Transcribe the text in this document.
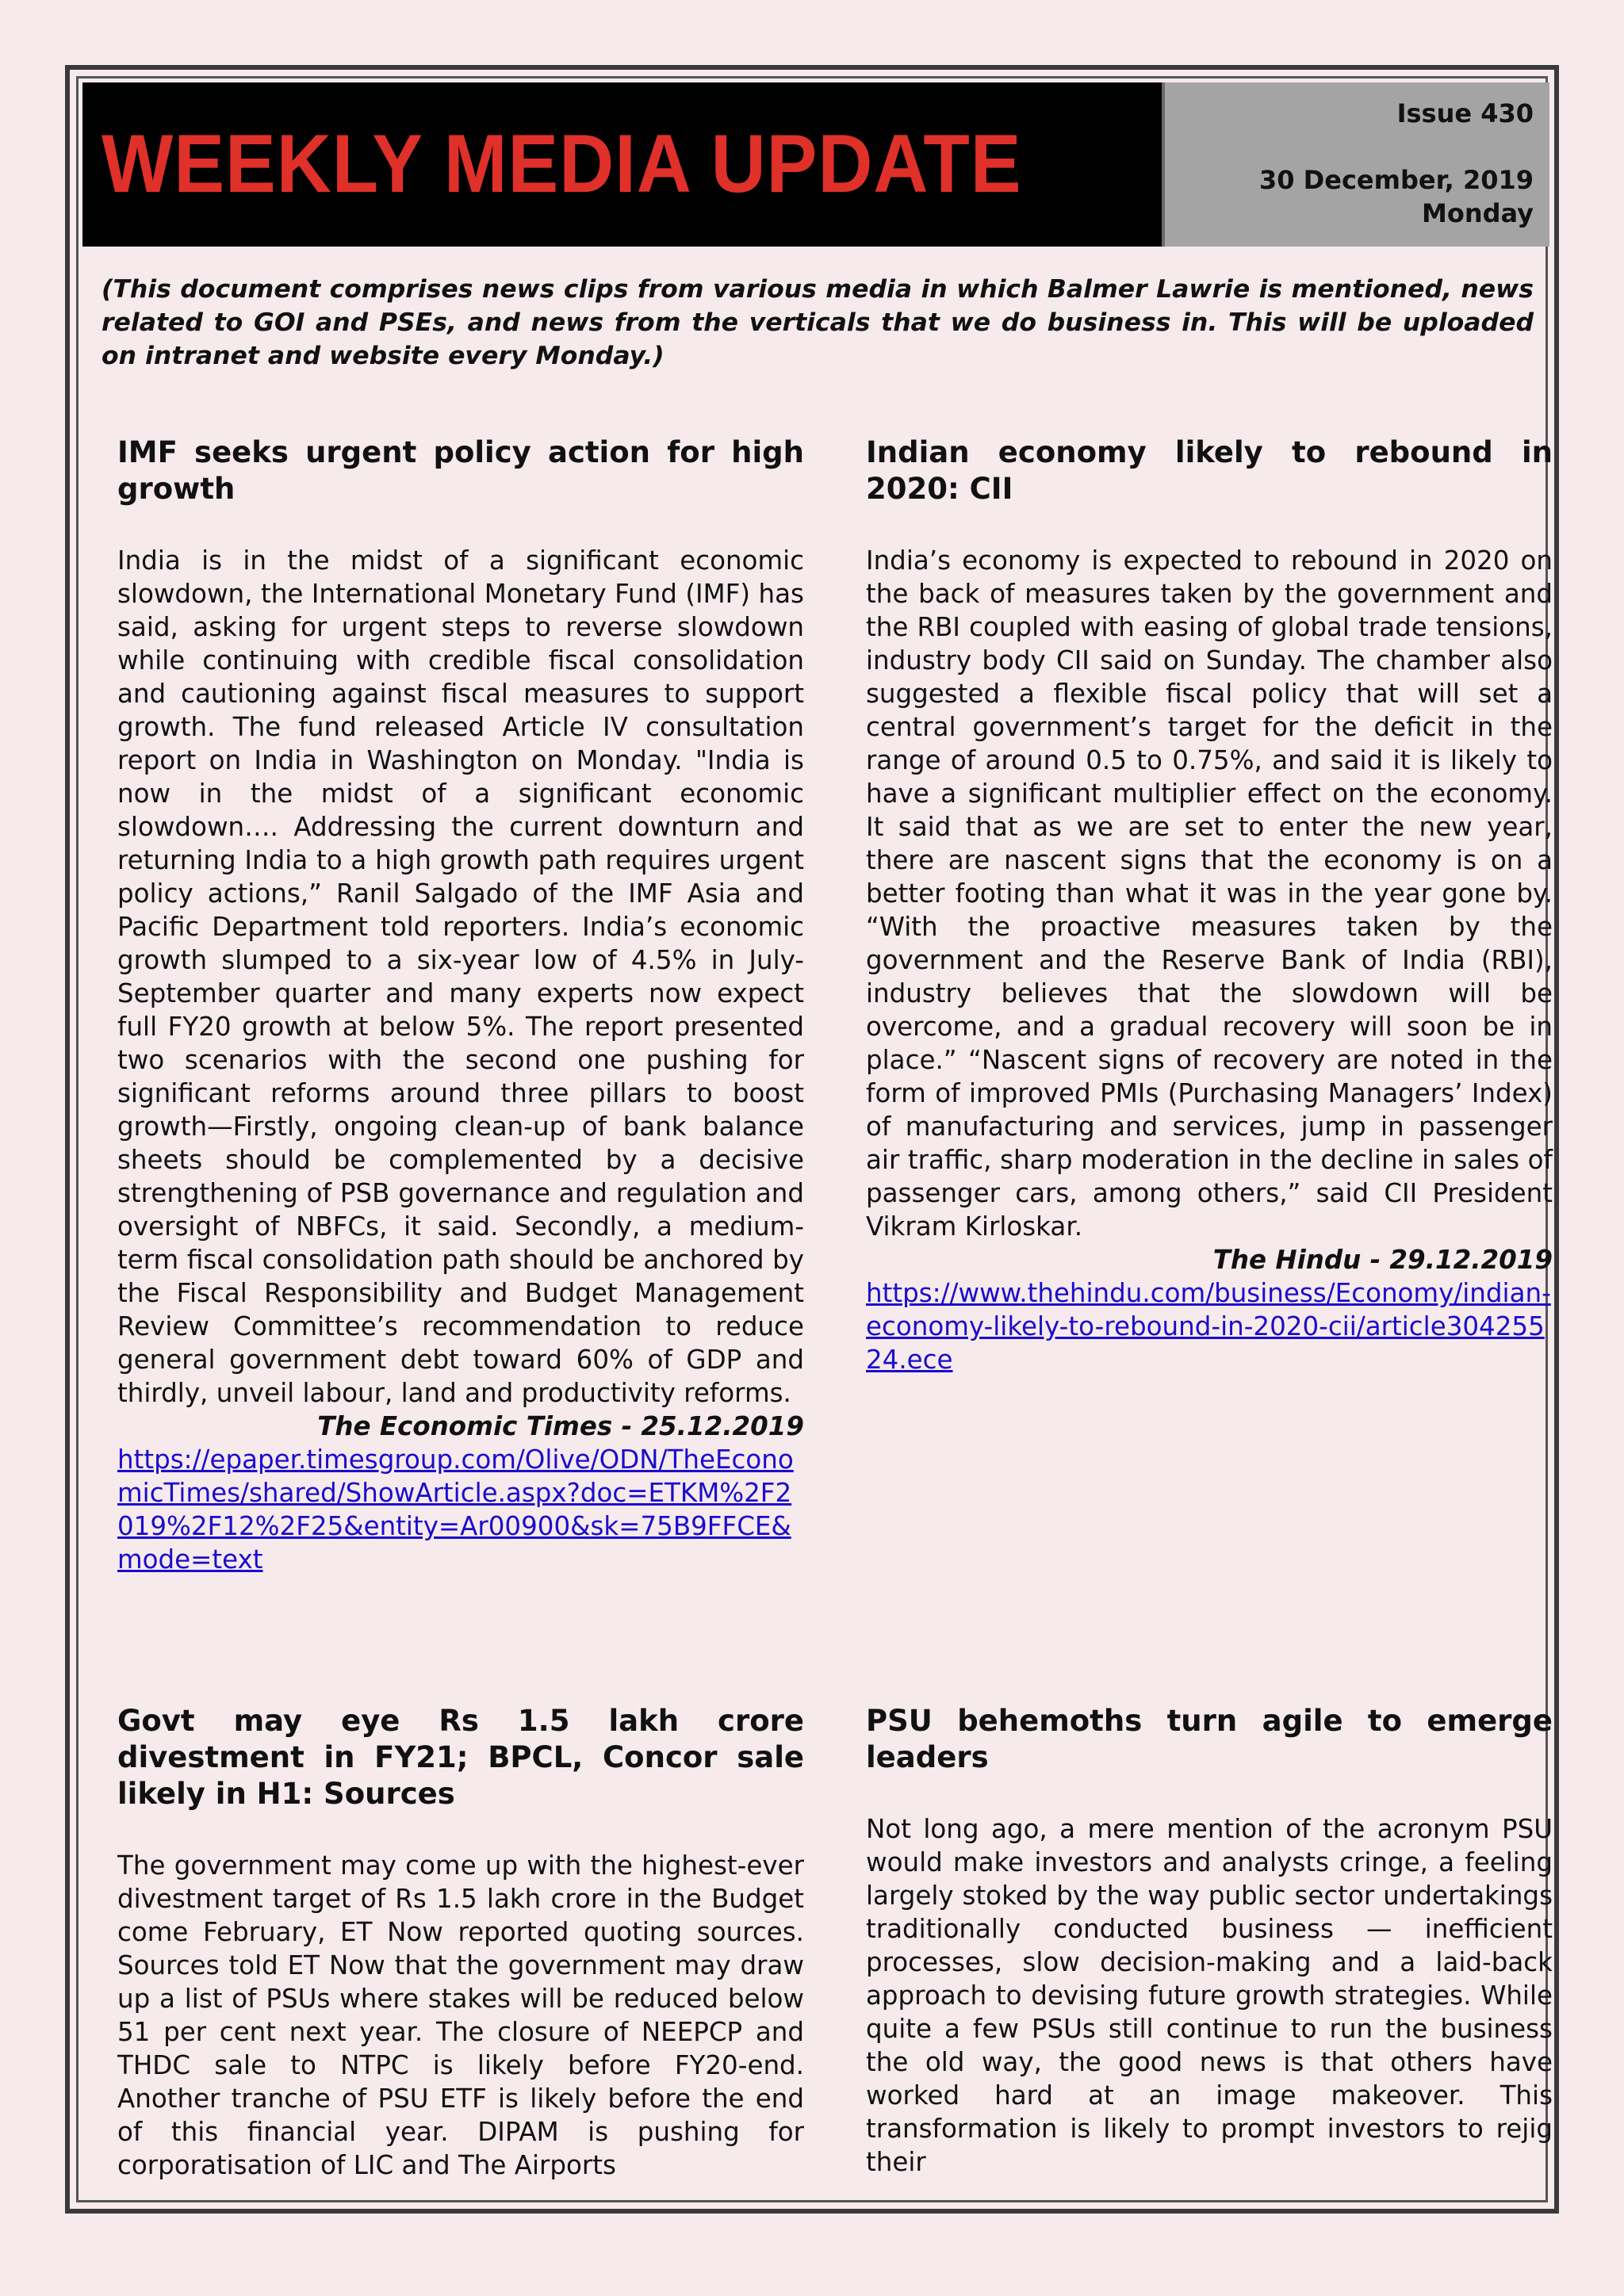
WEEKLY MEDIA UPDATE
Issue 430
30 December, 2019
Monday

(This document comprises news clips from various media in which Balmer Lawrie is mentioned, news related to GOI and PSEs, and news from the verticals that we do business in. This will be uploaded on intranet and website every Monday.)

IMF seeks urgent policy action for high growth

India is in the midst of a significant economic slowdown, the International Monetary Fund (IMF) has said, asking for urgent steps to reverse slowdown while continuing with credible fiscal consolidation and cautioning against fiscal measures to support growth. The fund released Article IV consultation report on India in Washington on Monday. "India is now in the midst of a significant economic slowdown…. Addressing the current downturn and returning India to a high growth path requires urgent policy actions,” Ranil Salgado of the IMF Asia and Pacific Department told reporters. India’s economic growth slumped to a six-year low of 4.5% in July-September quarter and many experts now expect full FY20 growth at below 5%. The report presented two scenarios with the second one pushing for significant reforms around three pillars to boost growth—Firstly, ongoing clean-up of bank balance sheets should be complemented by a decisive strengthening of PSB governance and regulation and oversight of NBFCs, it said. Secondly, a medium-term fiscal consolidation path should be anchored by the Fiscal Responsibility and Budget Management Review Committee’s recommendation to reduce general government debt toward 60% of GDP and thirdly, unveil labour, land and productivity reforms.

The Economic Times - 25.12.2019

https://epaper.timesgroup.com/Olive/ODN/TheEconomicTimes/shared/ShowArticle.aspx?doc=ETKM%2F2019%2F12%2F25&entity=Ar00900&sk=75B9FFCE&mode=text
Indian economy likely to rebound in 2020: CII

India’s economy is expected to rebound in 2020 on the back of measures taken by the government and the RBI coupled with easing of global trade tensions, industry body CII said on Sunday. The chamber also suggested a flexible fiscal policy that will set a central government’s target for the deficit in the range of around 0.5 to 0.75%, and said it is likely to have a significant multiplier effect on the economy. It said that as we are set to enter the new year, there are nascent signs that the economy is on a better footing than what it was in the year gone by. “With the proactive measures taken by the government and the Reserve Bank of India (RBI), industry believes that the slowdown will be overcome, and a gradual recovery will soon be in place.” “Nascent signs of recovery are noted in the form of improved PMIs (Purchasing Managers’ Index) of manufacturing and services, jump in passenger air traffic, sharp moderation in the decline in sales of passenger cars, among others,” said CII President Vikram Kirloskar.

The Hindu - 29.12.2019

https://www.thehindu.com/business/Economy/indian-economy-likely-to-rebound-in-2020-cii/article30425524.ece
Govt may eye Rs 1.5 lakh crore divestment in FY21; BPCL, Concor sale likely in H1: Sources

The government may come up with the highest-ever divestment target of Rs 1.5 lakh crore in the Budget come February, ET Now reported quoting sources. Sources told ET Now that the government may draw up a list of PSUs where stakes will be reduced below 51 per cent next year. The closure of NEEPCP and THDC sale to NTPC is likely before FY20-end. Another tranche of PSU ETF is likely before the end of this financial year. DIPAM is pushing for corporatisation of LIC and The Airports

PSU behemoths turn agile to emerge leaders

Not long ago, a mere mention of the acronym PSU would make investors and analysts cringe, a feeling largely stoked by the way public sector undertakings traditionally conducted business — inefficient processes, slow decision-making and a laid-back approach to devising future growth strategies. While quite a few PSUs still continue to run the business the old way, the good news is that others have worked hard at an image makeover. This transformation is likely to prompt investors to rejig their
